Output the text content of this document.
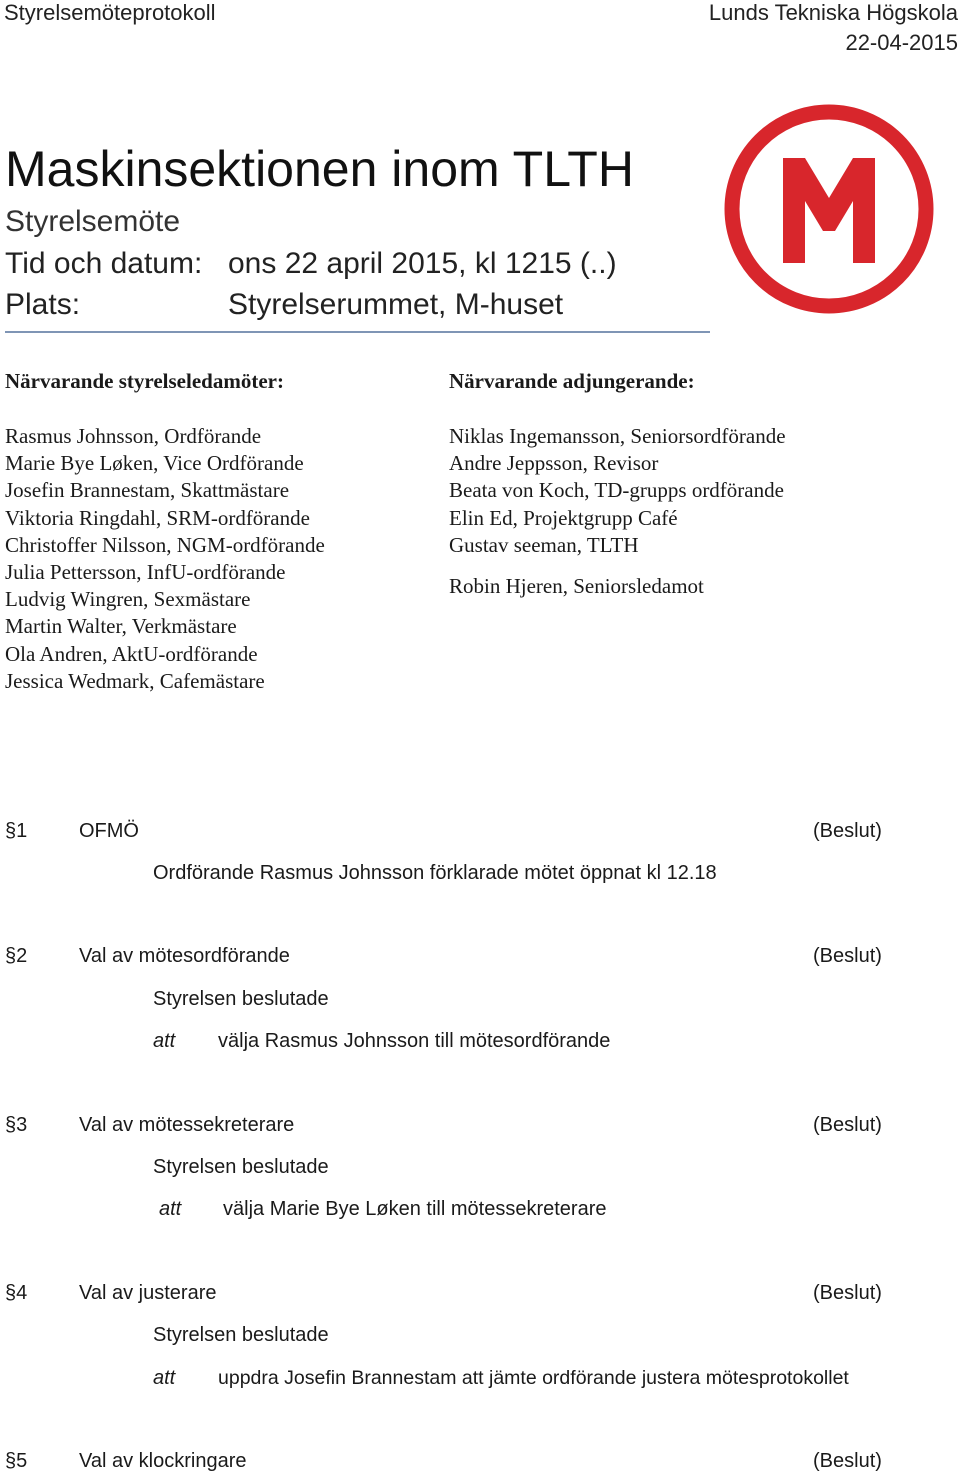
Styrelsemöteprotokoll	Lunds Tekniska Högskola
22-04-2015
Maskinsektionen inom TLTH
Styrelsemöte
Tid och datum: ons 22 april 2015, kl 1215 (..)
Plats:	Styrelserummet, M-huset
Närvarande styrelseledamöter:
Rasmus Johnsson, Ordförande
Marie Bye Løken, Vice Ordförande
Josefin Brannestam, Skattmästare
Viktoria Ringdahl, SRM-ordförande
Christoffer Nilsson, NGM-ordförande
Julia Pettersson, InfU-ordförande
Ludvig Wingren, Sexmästare
Martin Walter, Verkmästare
Ola Andren, AktU-ordförande
Jessica Wedmark, Cafemästare
Närvarande adjungerande:
Niklas Ingemansson, Seniorsordförande
Andre Jeppsson, Revisor
Beata von Koch, TD-grupps ordförande
Elin Ed, Projektgrupp Café
Gustav seeman, TLTH
Robin Hjeren, Seniorsledamot
§1	OFMÖ	(Beslut)
Ordförande Rasmus Johnsson förklarade mötet öppnat kl 12.18
§2	Val av mötesordförande	(Beslut)
Styrelsen beslutade
att välja Rasmus Johnsson till mötesordförande
§3	Val av mötessekreterare	(Beslut)
Styrelsen beslutade
att välja Marie Bye Løken till mötessekreterare
§4	Val av justerare	(Beslut)
Styrelsen beslutade
att uppdra Josefin Brannestam att jämte ordförande justera mötesprotokollet
§5	Val av klockringare	(Beslut)
